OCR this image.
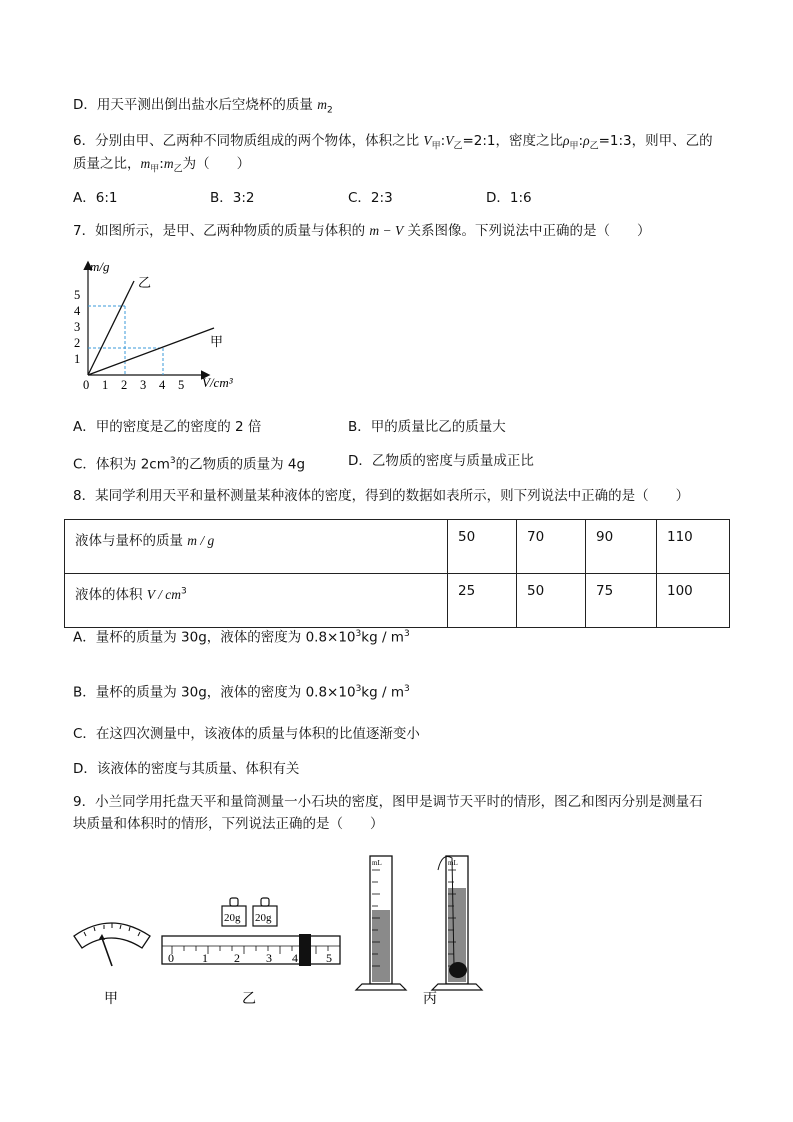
D．用天平测出倒出盐水后空烧杯的质量 $m_2$
6．分别由甲、乙两种不同物质组成的两个物体，体积之比 $V_甲:V_乙=2:1$，密度之比$\rho_甲:\rho_乙=1:3$，则甲、乙的
质量之比，$m_甲:m_乙$为（　　）
A．6:1	B．3:2	C．2:3	D．1:6
7．如图所示，是甲、乙两种物质的质量与体积的 m − V 关系图像。下列说法中正确的是（　　）
m/g
V/cm³
0 1 2 3 4 5
1
2
3
4
5
乙
甲
A．甲的密度是乙的密度的 2 倍	B．甲的质量比乙的质量大
C．体积为 $2cm^3$的乙物质的质量为 4g	D．乙物质的密度与质量成正比
8．某同学利用天平和量杯测量某种液体的密度，得到的数据如表所示，则下列说法中正确的是（　　）
液体与量杯的质量 m / g	50	70	90	110
液体的体积 V / $cm^3$	25	50	75	100
A．量杯的质量为 30g，液体的密度为 $0.8\times 10^3kg / m^3$
B．量杯的质量为 30g，液体的密度为 $0.8\times 10^3kg / m^3$
C．在这四次测量中，该液体的质量与体积的比值逐渐变小
D．该液体的密度与其质量、体积有关
9．小兰同学用托盘天平和量筒测量一小石块的密度，图甲是调节天平时的情形，图乙和图丙分别是测量石
块质量和体积时的情形，下列说法正确的是（　　）
甲
20g 20g
0 1 2 3 4 5
乙
mL	mL
丙
